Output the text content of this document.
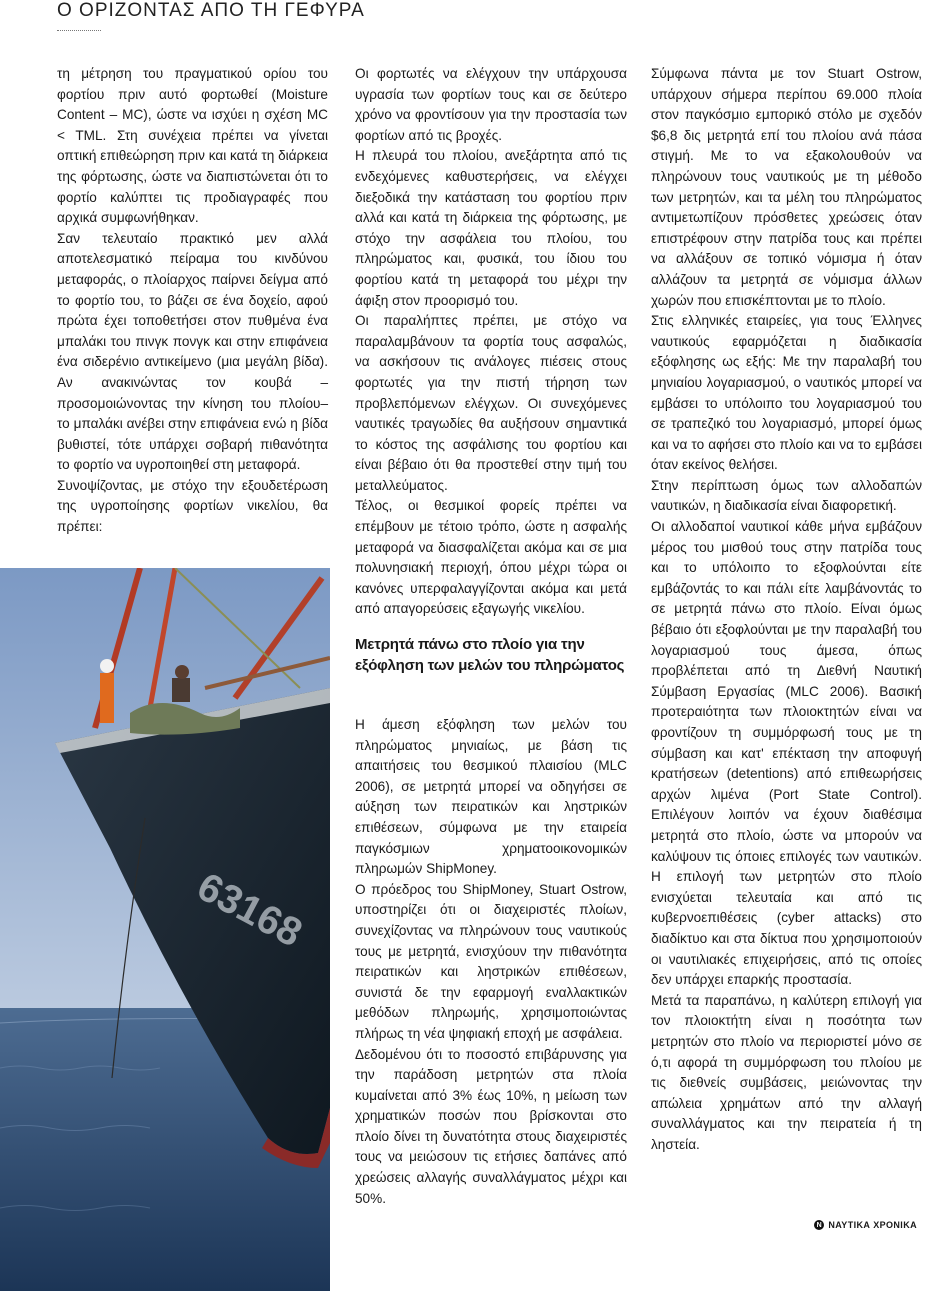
Ο ΟΡΙΖΟΝΤΑΣ ΑΠΟ ΤΗ ΓΕΦΥΡΑ

τη μέτρηση του πραγματικού ορίου του φορτίου πριν αυτό φορτωθεί (Moisture Content – MC), ώστε να ισχύει η σχέση MC < TML. Στη συνέχεια πρέπει να γίνεται οπτική επιθεώρηση πριν και κατά τη διάρκεια της φόρτωσης, ώστε να διαπιστώνεται ότι το φορτίο καλύπτει τις προδιαγραφές που αρχικά συμφωνήθηκαν.

Σαν τελευταίο πρακτικό μεν αλλά αποτελεσματικό πείραμα του κινδύνου μεταφοράς, ο πλοίαρχος παίρνει δείγμα από το φορτίο του, το βάζει σε ένα δοχείο, αφού πρώτα έχει τοποθετήσει στον πυθμένα ένα μπαλάκι του πινγκ πονγκ και στην επιφάνεια ένα σιδερένιο αντικείμενο (μια μεγάλη βίδα). Αν ανακινώντας τον κουβά –προσομοιώνοντας την κίνηση του πλοίου– το μπαλάκι ανέβει στην επιφάνεια ενώ η βίδα βυθιστεί, τότε υπάρχει σοβαρή πιθανότητα το φορτίο να υγροποιηθεί στη μεταφορά.

Συνοψίζοντας, με στόχο την εξουδετέρωση της υγροποίησης φορτίων νικελίου, θα πρέπει:

63168

Οι φορτωτές να ελέγχουν την υπάρχουσα υγρασία των φορτίων τους και σε δεύτερο χρόνο να φροντίσουν για την προστασία των φορτίων από τις βροχές.

Η πλευρά του πλοίου, ανεξάρτητα από τις ενδεχόμενες καθυστερήσεις, να ελέγχει διεξοδικά την κατάσταση του φορτίου πριν αλλά και κατά τη διάρκεια της φόρτωσης, με στόχο την ασφάλεια του πλοίου, του πληρώματος και, φυσικά, του ίδιου του φορτίου κατά τη μεταφορά του μέχρι την άφιξη στον προορισμό του.

Οι παραλήπτες πρέπει, με στόχο να παραλαμβάνουν τα φορτία τους ασφαλώς, να ασκήσουν τις ανάλογες πιέσεις στους φορτωτές για την πιστή τήρηση των προβλεπόμενων ελέγχων. Οι συνεχόμενες ναυτικές τραγωδίες θα αυξήσουν σημαντικά το κόστος της ασφάλισης του φορτίου και είναι βέβαιο ότι θα προστεθεί στην τιμή του μεταλλεύματος.

Τέλος, οι θεσμικοί φορείς πρέπει να επέμβουν με τέτοιο τρόπο, ώστε η ασφαλής μεταφορά να διασφαλίζεται ακόμα και σε μια πολυνησιακή περιοχή, όπου μέχρι τώρα οι κανόνες υπερφαλαγγίζονται ακόμα και μετά από απαγορεύσεις εξαγωγής νικελίου.

Μετρητά πάνω στο πλοίο για την εξόφληση των μελών του πληρώματος

Η άμεση εξόφληση των μελών του πληρώματος μηνιαίως, με βάση τις απαιτήσεις του θεσμικού πλαισίου (MLC 2006), σε μετρητά μπορεί να οδηγήσει σε αύξηση των πειρατικών και ληστρικών επιθέσεων, σύμφωνα με την εταιρεία παγκόσμιων χρηματοοικονομικών πληρωμών ShipMoney.

Ο πρόεδρος του ShipMoney, Stuart Ostrow, υποστηρίζει ότι οι διαχειριστές πλοίων, συνεχίζοντας να πληρώνουν τους ναυτικούς τους με μετρητά, ενισχύουν την πιθανότητα πειρατικών και ληστρικών επιθέσεων, συνιστά δε την εφαρμογή εναλλακτικών μεθόδων πληρωμής, χρησιμοποιώντας πλήρως τη νέα ψηφιακή εποχή με ασφάλεια.

Δεδομένου ότι το ποσοστό επιβάρυνσης για την παράδοση μετρητών στα πλοία κυμαίνεται από 3% έως 10%, η μείωση των χρηματικών ποσών που βρίσκονται στο πλοίο δίνει τη δυνατότητα στους διαχειριστές τους να μειώσουν τις ετήσιες δαπάνες από χρεώσεις αλλαγής συναλλάγματος μέχρι και 50%.

Σύμφωνα πάντα με τον Stuart Ostrow, υπάρχουν σήμερα περίπου 69.000 πλοία στον παγκόσμιο εμπορικό στόλο με σχεδόν $6,8 δις μετρητά επί του πλοίου ανά πάσα στιγμή. Με το να εξακολουθούν να πληρώνουν τους ναυτικούς με τη μέθοδο των μετρητών, και τα μέλη του πληρώματος αντιμετωπίζουν πρόσθετες χρεώσεις όταν επιστρέφουν στην πατρίδα τους και πρέπει να αλλάξουν σε τοπικό νόμισμα ή όταν αλλάζουν τα μετρητά σε νόμισμα άλλων χωρών που επισκέπτονται με το πλοίο.

Στις ελληνικές εταιρείες, για τους Έλληνες ναυτικούς εφαρμόζεται η διαδικασία εξόφλησης ως εξής: Με την παραλαβή του μηνιαίου λογαριασμού, ο ναυτικός μπορεί να εμβάσει το υπόλοιπο του λογαριασμού του σε τραπεζικό του λογαριασμό, μπορεί όμως και να το αφήσει στο πλοίο και να το εμβάσει όταν εκείνος θελήσει.

Στην περίπτωση όμως των αλλοδαπών ναυτικών, η διαδικασία είναι διαφορετική.

Οι αλλοδαποί ναυτικοί κάθε μήνα εμβάζουν μέρος του μισθού τους στην πατρίδα τους και το υπόλοιπο το εξοφλούνται είτε εμβάζοντάς το και πάλι είτε λαμβάνοντάς το σε μετρητά πάνω στο πλοίο. Είναι όμως βέβαιο ότι εξοφλούνται με την παραλαβή του λογαριασμού τους άμεσα, όπως προβλέπεται από τη Διεθνή Ναυτική Σύμβαση Εργασίας (MLC 2006). Βασική προτεραιότητα των πλοιοκτητών είναι να φροντίζουν τη συμμόρφωσή τους με τη σύμβαση και κατ' επέκταση την αποφυγή κρατήσεων (detentions) από επιθεωρήσεις αρχών λιμένα (Port State Control). Επιλέγουν λοιπόν να έχουν διαθέσιμα μετρητά στο πλοίο, ώστε να μπορούν να καλύψουν τις όποιες επιλογές των ναυτικών. Η επιλογή των μετρητών στο πλοίο ενισχύεται τελευταία και από τις κυβερνοεπιθέσεις (cyber attacks) στο διαδίκτυο και στα δίκτυα που χρησιμοποιούν οι ναυτιλιακές επιχειρήσεις, από τις οποίες δεν υπάρχει επαρκής προστασία.

Μετά τα παραπάνω, η καλύτερη επιλογή για τον πλοιοκτήτη είναι η ποσότητα των μετρητών στο πλοίο να περιοριστεί μόνο σε ό,τι αφορά τη συμμόρφωση του πλοίου με τις διεθνείς συμβάσεις, μειώνοντας την απώλεια χρημάτων από την αλλαγή συναλλάγματος και την πειρατεία ή τη ληστεία.

N ΝΑΥΤΙΚΑ ΧΡΟΝΙΚΑ
